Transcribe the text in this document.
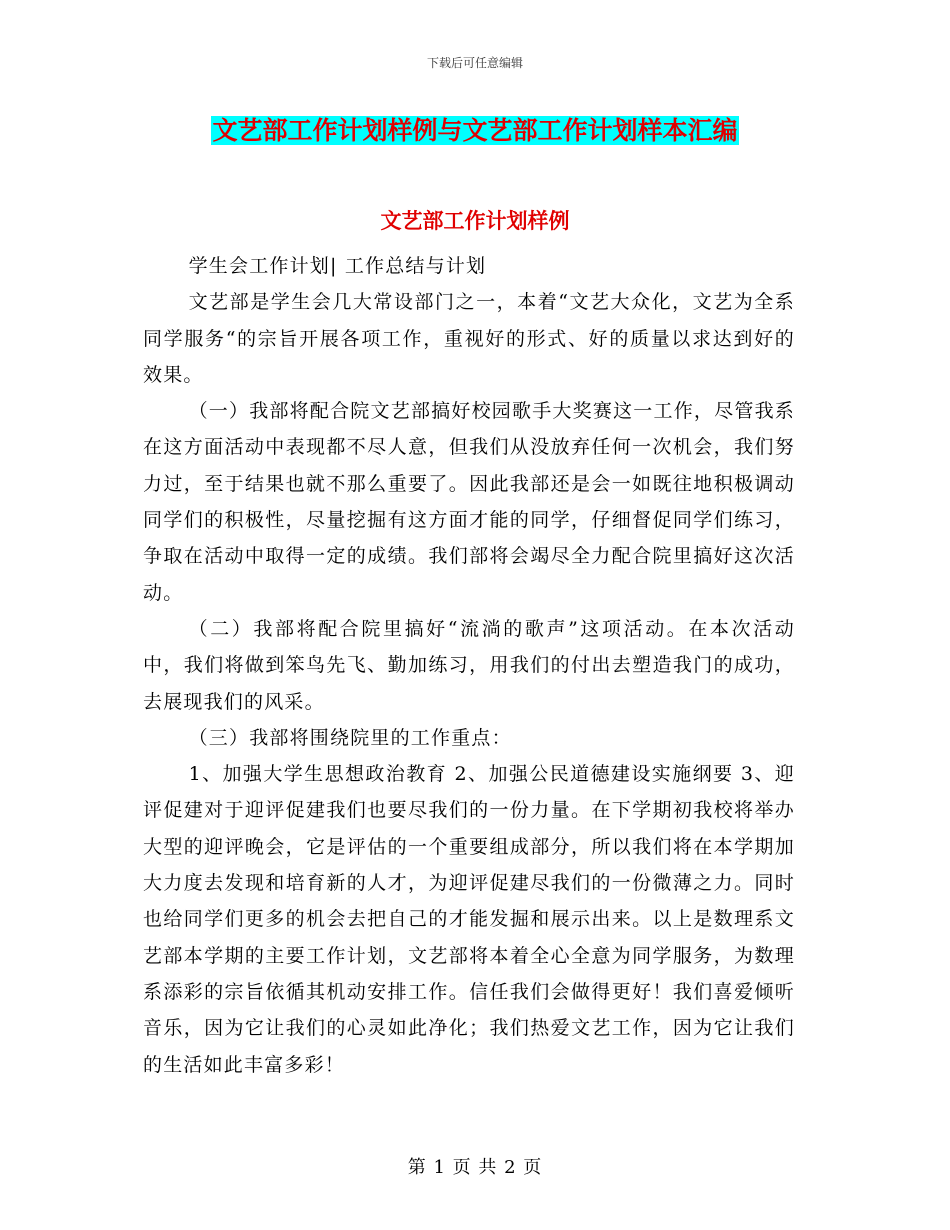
下载后可任意编辑
文艺部工作计划样例与文艺部工作计划样本汇编
文艺部工作计划样例

学生会工作计划| 工作总结与计划

文艺部是学生会几大常设部门之一，本着“文艺大众化，文艺为全系同学服务“的宗旨开展各项工作，重视好的形式、好的质量以求达到好的效果。

（一）我部将配合院文艺部搞好校园歌手大奖赛这一工作，尽管我系在这方面活动中表现都不尽人意，但我们从没放弃任何一次机会，我们努力过，至于结果也就不那么重要了。因此我部还是会一如既往地积极调动同学们的积极性，尽量挖掘有这方面才能的同学，仔细督促同学们练习，争取在活动中取得一定的成绩。我们部将会竭尽全力配合院里搞好这次活动。

（二）我部将配合院里搞好“流淌的歌声”这项活动。在本次活动中，我们将做到笨鸟先飞、勤加练习，用我们的付出去塑造我门的成功，去展现我们的风采。

（三）我部将围绕院里的工作重点：

1、加强大学生思想政治教育 2、加强公民道德建设实施纲要 3、迎评促建对于迎评促建我们也要尽我们的一份力量。在下学期初我校将举办大型的迎评晚会，它是评估的一个重要组成部分，所以我们将在本学期加大力度去发现和培育新的人才，为迎评促建尽我们的一份微薄之力。同时也给同学们更多的机会去把自己的才能发掘和展示出来。以上是数理系文艺部本学期的主要工作计划，文艺部将本着全心全意为同学服务，为数理系添彩的宗旨依循其机动安排工作。信任我们会做得更好！我们喜爱倾听音乐，因为它让我们的心灵如此净化；我们热爱文艺工作，因为它让我们的生活如此丰富多彩！

第 1 页 共 2 页
